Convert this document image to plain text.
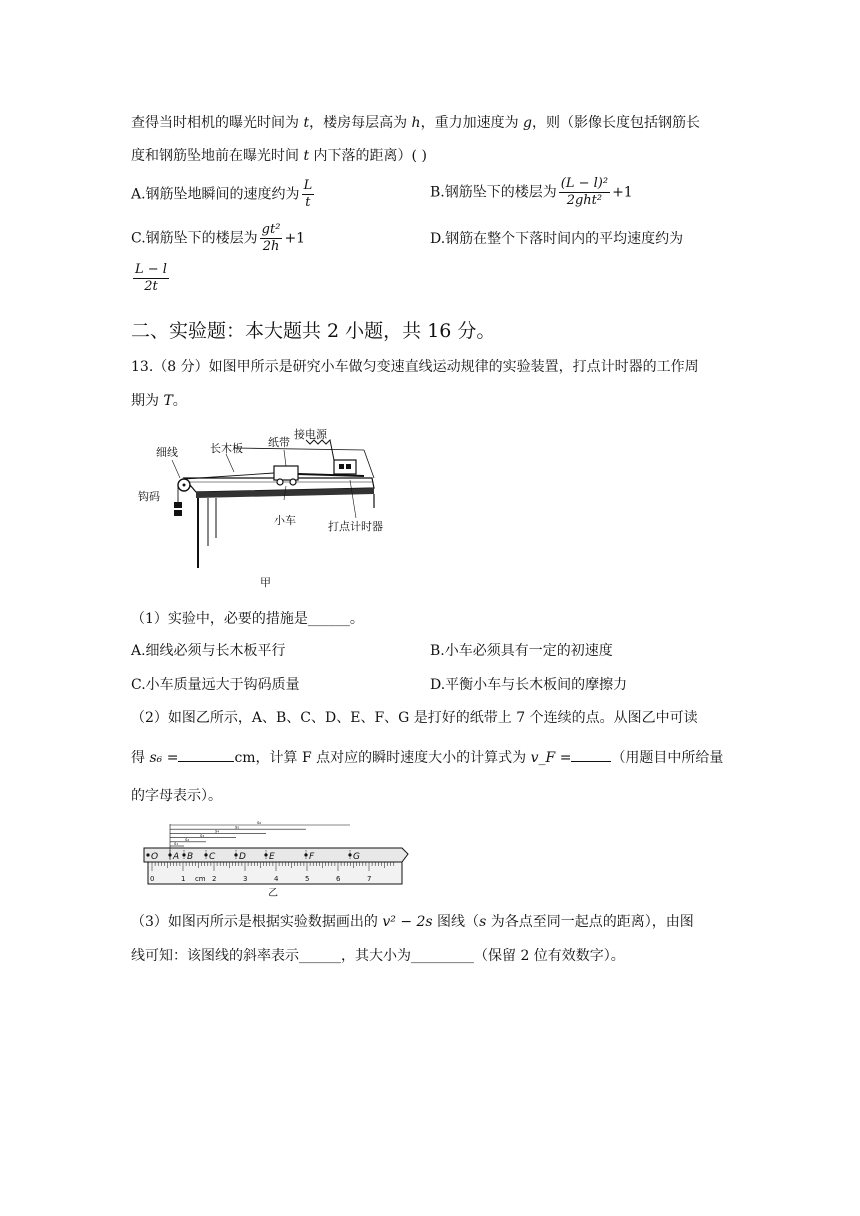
查得当时相机的曝光时间为 t，楼房每层高为 h，重力加速度为 g，则（影像长度包括钢筋长
度和钢筋坠地前在曝光时间 t 内下落的距离）( )
A.钢筋坠地瞬间的速度约为 $\frac{L}{t}$	B.钢筋坠下的楼层为 $\frac{\text{(L − l)²}}{\text{2ght²}} +1$
C.钢筋坠下的楼层为 $\frac{\text{gt²}}{2h} +1$	D.钢筋在整个下落时间内的平均速度约为
$\frac{L - l}{2t}$
二、实验题：本大题共 2 小题，共 16 分。
13.（8 分）如图甲所示是研究小车做匀变速直线运动规律的实验装置，打点计时器的工作周
期为 T。
细线	长木板 纸带
接电源
钩码
小车	打点计时器
甲
（1）实验中，必要的措施是______。
A.细线必须与长木板平行	B.小车必须具有一定的初速度
C.小车质量远大于钩码质量	D.平衡小车与长木板间的摩擦力
（2）如图乙所示，A、B、C、D、E、F、G 是打好的纸带上 7 个连续的点。从图乙中可读
得 s₆ =	cm，计算 F 点对应的瞬时速度大小的计算式为 v_F =	（用题目中所给量
的字母表示）。
0	1 cm 2	3	4	5	6	7
s₁
s₂
s₃
s₄
s₅
s₆
O A B C	D	E	F	G
乙
（3）如图丙所示是根据实验数据画出的 v² − 2s 图线（s 为各点至同一起点的距离），由图
线可知：该图线的斜率表示______，其大小为_________（保留 2 位有效数字）。
